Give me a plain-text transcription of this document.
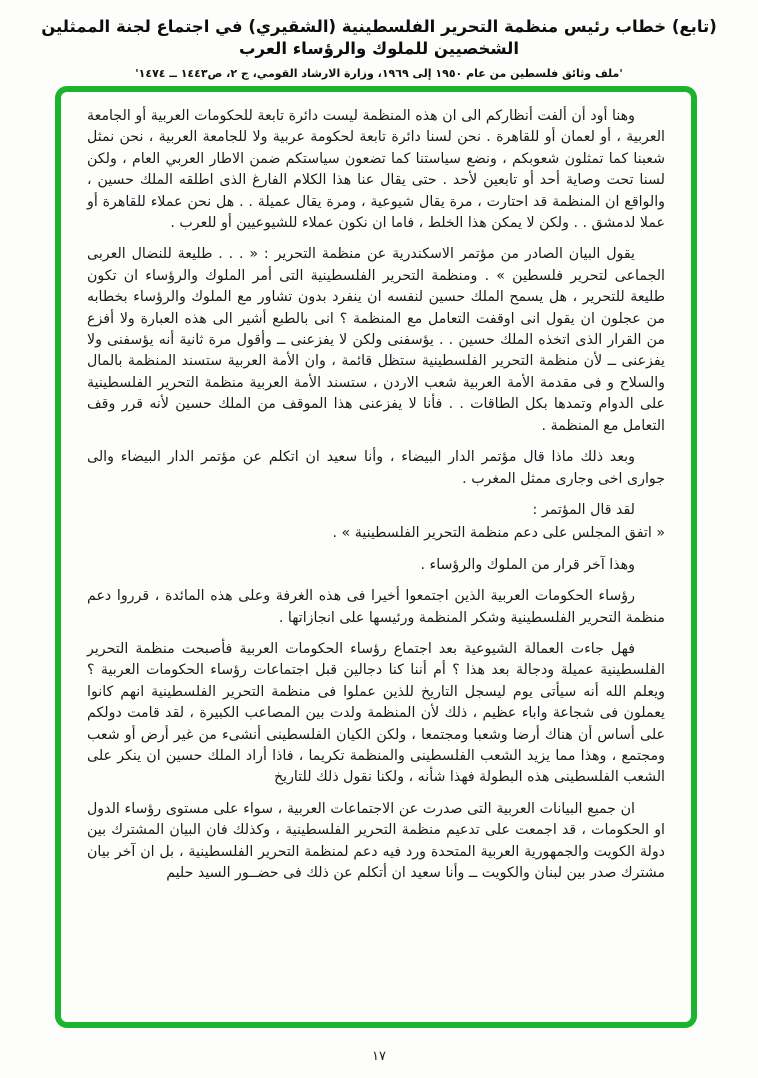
(تابع) خطاب رئيس منظمة التحرير الفلسطينية (الشقيري) في اجتماع لجنة الممثلين الشخصيين للملوك والرؤساء العرب
'ملف وثائق فلسطين من عام ١٩٥٠ إلى ١٩٦٩، وزارة الارشاد القومي، ج ٢، ص١٤٤٣ ــ ١٤٧٤'

وهنا أود أن ألفت أنظاركم الى ان هذه المنظمة ليست دائرة تابعة للحكومات العربية أو الجامعة العربية ، أو لعمان أو للقاهرة . نحن لسنا دائرة تابعة لحكومة عربية ولا للجامعة العربية ، نحن نمثل شعبنا كما تمثلون شعوبكم ، ونضع سياستنا كما تضعون سياستكم ضمن الاطار العربي العام ، ولكن لسنا تحت وصاية أحد أو تابعين لأحد . حتى يقال عنا هذا الكلام الفارغ الذى اطلقه الملك حسين ، والواقع ان المنظمة قد احتارت ، مرة يقال شيوعية ، ومرة يقال عميلة . . هل نحن عملاء للقاهرة أو عملا لدمشق . . ولكن لا يمكن هذا الخلط ، فاما ان نكون عملاء للشيوعيين أو للعرب .

يقول البيان الصادر من مؤتمر الاسكندرية عن منظمة التحرير : « . . . طليعة للنضال العربى الجماعى لتحرير فلسطين » . ومنظمة التحرير الفلسطينية التى أمر الملوك والرؤساء ان تكون طليعة للتحرير ، هل يسمح الملك حسين لنفسه ان ينفرد بدون تشاور مع الملوك والرؤساء بخطابه من عجلون ان يقول انى اوقفت التعامل مع المنظمة ؟ انى بالطبع أشير الى هذه العبارة ولا أفزع من القرار الذى اتخذه الملك حسين . . يؤسفنى ولكن لا يفزعنى ــ وأقول مرة ثانية أنه يؤسفنى ولا يفزعنى ــ لأن منظمة التحرير الفلسطينية ستظل قائمة ، وان الأمة العربية ستسند المنظمة بالمال والسلاح و فى مقدمة الأمة العربية شعب الاردن ، ستسند الأمة العربية منظمة التحرير الفلسطينية على الدوام وتمدها بكل الطاقات . . فأنا لا يفزعنى هذا الموقف من الملك حسين لأنه قرر وقف التعامل مع المنظمة .

وبعد ذلك ماذا قال مؤتمر الدار البيضاء ، وأنا سعيد ان اتكلم عن مؤتمر الدار البيضاء والى جوارى اخى وجارى ممثل المغرب .

لقد قال المؤتمر :

« اتفق المجلس على دعم منظمة التحرير الفلسطينية » .

وهذا آخر قرار من الملوك والرؤساء .

رؤساء الحكومات العربية الذين اجتمعوا أخيرا فى هذه الغرفة وعلى هذه المائدة ، قرروا دعم منظمة التحرير الفلسطينية وشكر المنظمة ورئيسها على انجازاتها .

فهل جاءت العمالة الشيوعية بعد اجتماع رؤساء الحكومات العربية فأصبحت منظمة التحرير الفلسطينية عميلة ودجالة بعد هذا ؟ أم أننا كنا دجالين قبل اجتماعات رؤساء الحكومات العربية ؟ ويعلم الله أنه سيأتى يوم ليسجل التاريخ للذين عملوا فى منظمة التحرير الفلسطينية انهم كانوا يعملون فى شجاعة واباء عظيم ، ذلك لأن المنظمة ولدت بين المصاعب الكبيرة ، لقد قامت دولكم على أساس أن هناك أرضا وشعبا ومجتمعا ، ولكن الكيان الفلسطينى أنشىء من غير أرض أو شعب ومجتمع ، وهذا مما يزيد الشعب الفلسطينى والمنظمة تكريما ، فاذا أراد الملك حسين ان ينكر على الشعب الفلسطينى هذه البطولة فهذا شأنه ، ولكنا نقول ذلك للتاريخ

ان جميع البيانات العربية التى صدرت عن الاجتماعات العربية ، سواء على مستوى رؤساء الدول او الحكومات ، قد اجمعت على تدعيم منظمة التحرير الفلسطينية ، وكذلك فان البيان المشترك بين دولة الكويت والجمهورية العربية المتحدة ورد فيه دعم لمنظمة التحرير الفلسطينية ، بل ان آخر بيان مشترك صدر بين لبنان والكويت ــ وأنا سعيد ان أتكلم عن ذلك فى حضــور السيد حليم

١٧
